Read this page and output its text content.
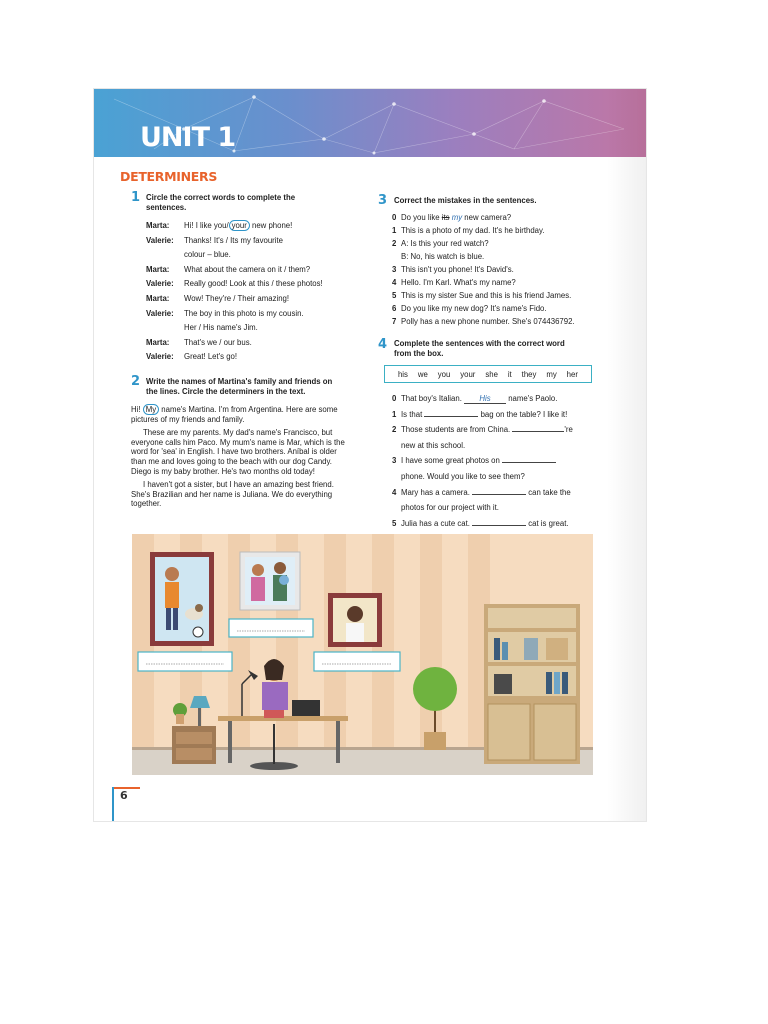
UNIT 1
DETERMINERS
1 Circle the correct words to complete the
sentences.
Marta:	Hi! I like you/ your new phone!
Valerie:	Thanks! It's / Its my favourite
colour – blue.
Marta:	What about the camera on it / them?
Valerie:	Really good! Look at this / these photos!
Marta:	Wow! They're / Their amazing!
Valerie:	The boy in this photo is my cousin.
Her / His name's Jim.
Marta:	That's we / our bus.
Valerie:	Great! Let's go!
2 Write the names of Martina's family and friends on
the lines. Circle the determiners in the text.

Hi! My name's Martina. I'm from Argentina. Here are some pictures of my friends and family.

These are my parents. My dad's name's Francisco, but everyone calls him Paco. My mum's name is Mar, which is the word for 'sea' in English. I have two brothers. Aníbal is older than me and loves going to the beach with our dog Candy. Diego is my baby brother. He's two months old today!

I haven't got a sister, but I have an amazing best friend. She's Brazilian and her name is Juliana. We do everything together.

3 Correct the mistakes in the sentences.
0 Do you like its my new camera?
1 This is a photo of my dad. It's he birthday.
2 A: Is this your red watch?
B: No, his watch is blue.
3 This isn't you phone! It's David's.
4 Hello. I'm Karl. What's my name?
5 This is my sister Sue and this is his friend James.
6 Do you like my new dog? It's name's Fido.
7 Polly has a new phone number. She's 074436792.
4 Complete the sentences with the correct word
from the box.
his we you your she it they my her
0 That boy's Italian. His name's Paolo.
1 Is that	bag on the table? I like it!
2 Those students are from China.	're
new at this school.
3 I have some great photos on
phone. Would you like to see them?
4 Mary has a camera.	can take the
photos for our project with it.
5 Julia has a cute cat.	cat is great.
6
